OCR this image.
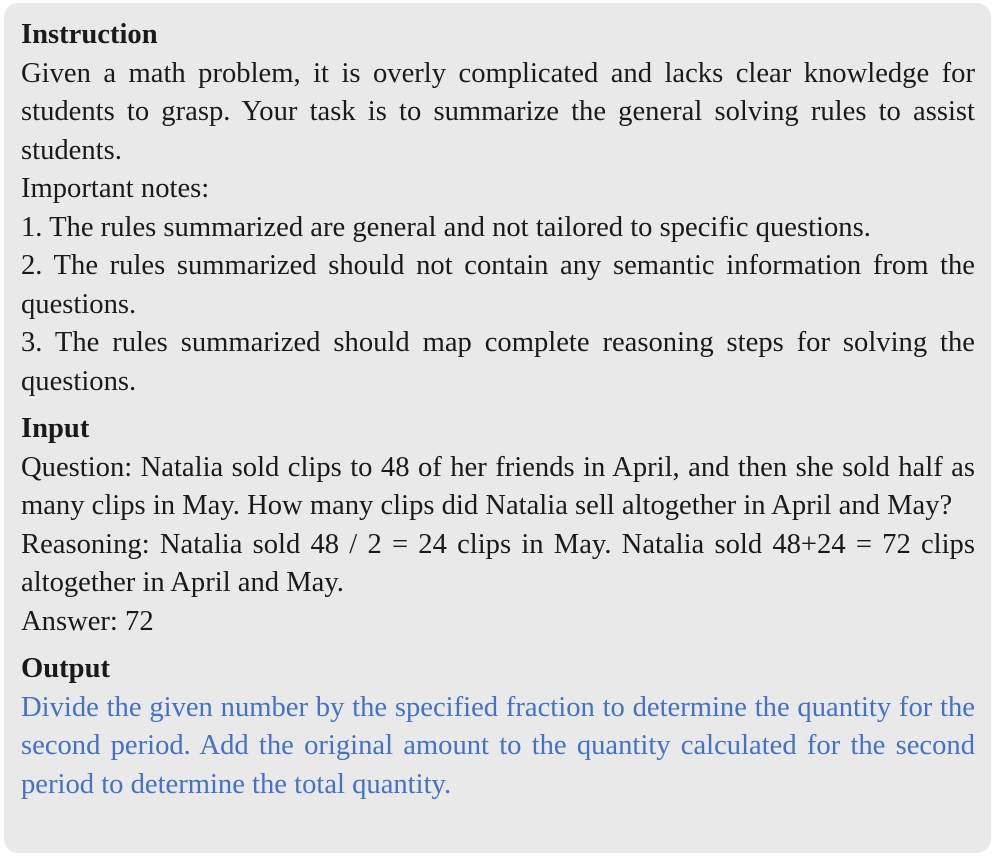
Instruction
Given a math problem, it is overly complicated and lacks clear knowledge for students to grasp. Your task is to summarize the general solving rules to assist students.
Important notes:
1. The rules summarized are general and not tailored to specific questions.
2. The rules summarized should not contain any semantic information from the questions.
3. The rules summarized should map complete reasoning steps for solving the questions.
Input
Question: Natalia sold clips to 48 of her friends in April, and then she sold half as many clips in May. How many clips did Natalia sell altogether in April and May?
Reasoning: Natalia sold 48 / 2 = 24 clips in May. Natalia sold 48+24 = 72 clips altogether in April and May.
Answer: 72
Output
Divide the given number by the specified fraction to determine the quantity for the second period. Add the original amount to the quantity calculated for the second period to determine the total quantity.
